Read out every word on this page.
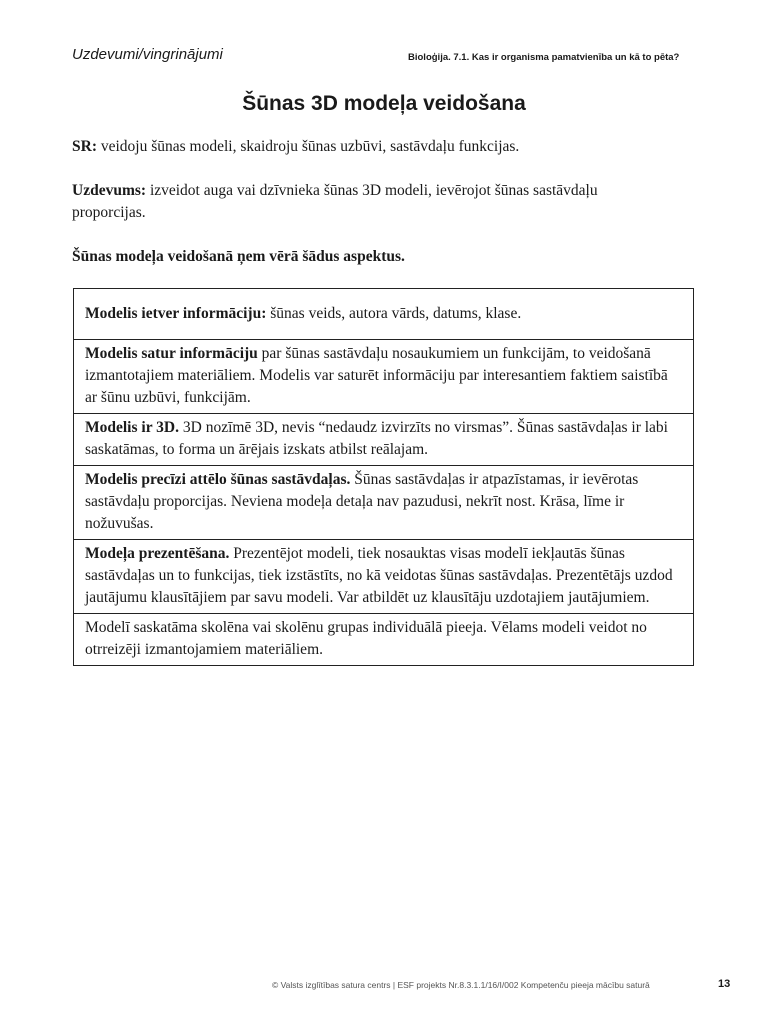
Uzdevumi/vingrinājumi	Bioloģija. 7.1. Kas ir organisma pamatvienība un kā to pēta?
Šūnas 3D modeļa veidošana
SR: veidoju šūnas modeli, skaidroju šūnas uzbūvi, sastāvdaļu funkcijas.
Uzdevums: izveidot auga vai dzīvnieka šūnas 3D modeli, ievērojot šūnas sastāvdaļu proporcijas.
Šūnas modeļa veidošanā ņem vērā šādus aspektus.
Modelis ietver informāciju: šūnas veids, autora vārds, datums, klase.
Modelis satur informāciju par šūnas sastāvdaļu nosaukumiem un funkcijām, to veidošanā izmantotajiem materiāliem. Modelis var saturēt informāciju par interesantiem faktiem saistībā ar šūnu uzbūvi, funkcijām.
Modelis ir 3D. 3D nozīmē 3D, nevis “nedaudz izvirzīts no virsmas”. Šūnas sastāvdaļas ir labi saskatāmas, to forma un ārējais izskats atbilst reālajam.
Modelis precīzi attēlo šūnas sastāvdaļas. Šūnas sastāvdaļas ir atpazīstamas, ir ievērotas sastāvdaļu proporcijas. Neviena modeļa detaļa nav pazudusi, nekrīt nost. Krāsa, līme ir nožuvušas.
Modeļa prezentēšana. Prezentējot modeli, tiek nosauktas visas modelī iekļautās šūnas sastāvdaļas un to funkcijas, tiek izstāstīts, no kā veidotas šūnas sastāvdaļas. Prezentētājs uzdod jautājumu klausītājiem par savu modeli. Var atbildēt uz klausītāju uzdotajiem jautājumiem.
Modelī saskatāma skolēna vai skolēnu grupas individuālā pieeja. Vēlams modeli veidot no otrreizēji izmantojamiem materiāliem.
© Valsts izglītības satura centrs | ESF projekts Nr.8.3.1.1/16/I/002 Kompetenču pieeja mācību saturā	13
